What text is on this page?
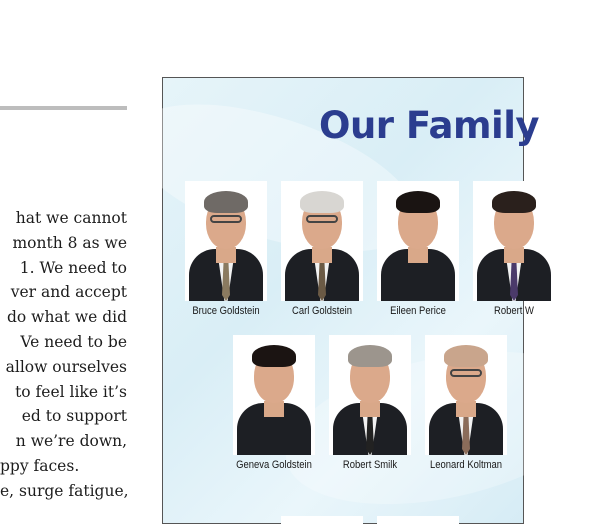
hat we cannot
month 8 as we
1. We need to
ver and accept
do what we did
Ve need to be
allow ourselves
to feel like it’s
ed to support
n we’re down,
ppy faces.
e, surge fatigue,
Our Family
Bruce Goldstein	Carl Goldstein	Eileen Perice	Robert W
Geneva Goldstein	Robert Smilk	Leonard Koltman
